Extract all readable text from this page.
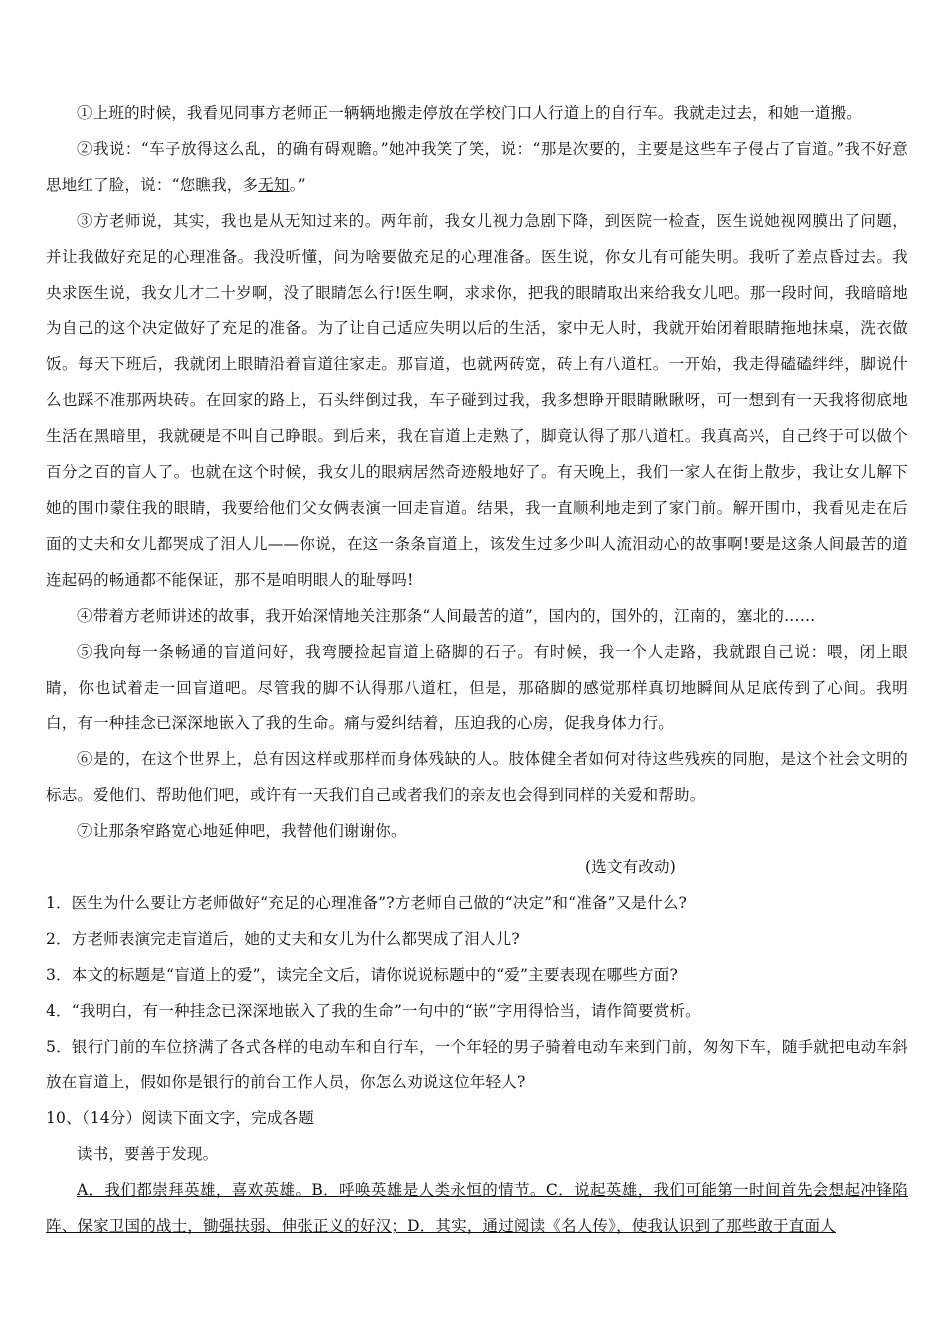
①上班的时候，我看见同事方老师正一辆辆地搬走停放在学校门口人行道上的自行车。我就走过去，和她一道搬。

②我说：“车子放得这么乱，的确有碍观瞻。”她冲我笑了笑，说：“那是次要的，主要是这些车子侵占了盲道。”我不好意思地红了脸，说：“您瞧我，多无知。”

③方老师说，其实，我也是从无知过来的。两年前，我女儿视力急剧下降，到医院一检查，医生说她视网膜出了问题，并让我做好充足的心理准备。我没听懂，问为啥要做充足的心理准备。医生说，你女儿有可能失明。我听了差点昏过去。我央求医生说，我女儿才二十岁啊，没了眼睛怎么行!医生啊，求求你，把我的眼睛取出来给我女儿吧。那一段时间，我暗暗地为自己的这个决定做好了充足的准备。为了让自己适应失明以后的生活，家中无人时，我就开始闭着眼睛拖地抹桌，洗衣做饭。每天下班后，我就闭上眼睛沿着盲道往家走。那盲道，也就两砖宽，砖上有八道杠。一开始，我走得磕磕绊绊，脚说什么也踩不准那两块砖。在回家的路上，石头绊倒过我，车子碰到过我，我多想睁开眼睛瞅瞅呀，可一想到有一天我将彻底地生活在黑暗里，我就硬是不叫自己睁眼。到后来，我在盲道上走熟了，脚竟认得了那八道杠。我真高兴，自己终于可以做个百分之百的盲人了。也就在这个时候，我女儿的眼病居然奇迹般地好了。有天晚上，我们一家人在街上散步，我让女儿解下她的围巾蒙住我的眼睛，我要给他们父女俩表演一回走盲道。结果，我一直顺利地走到了家门前。解开围巾，我看见走在后面的丈夫和女儿都哭成了泪人儿——你说，在这一条条盲道上，该发生过多少叫人流泪动心的故事啊!要是这条人间最苦的道连起码的畅通都不能保证，那不是咱明眼人的耻辱吗!

④带着方老师讲述的故事，我开始深情地关注那条“人间最苦的道”，国内的，国外的，江南的，塞北的……

⑤我向每一条畅通的盲道问好，我弯腰捡起盲道上硌脚的石子。有时候，我一个人走路，我就跟自己说：喂，闭上眼睛，你也试着走一回盲道吧。尽管我的脚不认得那八道杠，但是，那硌脚的感觉那样真切地瞬间从足底传到了心间。我明白，有一种挂念已深深地嵌入了我的生命。痛与爱纠结着，压迫我的心房，促我身体力行。

⑥是的，在这个世界上，总有因这样或那样而身体残缺的人。肢体健全者如何对待这些残疾的同胞，是这个社会文明的标志。爱他们、帮助他们吧，或许有一天我们自己或者我们的亲友也会得到同样的关爱和帮助。

⑦让那条窄路宽心地延伸吧，我替他们谢谢你。

(选文有改动)

1．医生为什么要让方老师做好“充足的心理准备”?方老师自己做的“决定”和“准备”又是什么?

2．方老师表演完走盲道后，她的丈夫和女儿为什么都哭成了泪人儿?

3．本文的标题是“盲道上的爱”，读完全文后，请你说说标题中的“爱”主要表现在哪些方面?

4．“我明白，有一种挂念已深深地嵌入了我的生命”一句中的“嵌”字用得恰当，请作简要赏析。

5．银行门前的车位挤满了各式各样的电动车和自行车，一个年轻的男子骑着电动车来到门前，匆匆下车，随手就把电动车斜放在盲道上，假如你是银行的前台工作人员，你怎么劝说这位年轻人?

10、（14分）阅读下面文字，完成各题

读书，要善于发现。

A．我们都崇拜英雄，喜欢英雄。B．呼唤英雄是人类永恒的情节。C．说起英雄，我们可能第一时间首先会想起冲锋陷阵、保家卫国的战士，锄强扶弱、伸张正义的好汉；D．其实，通过阅读《名人传》，使我认识到了那些敢于直面人
